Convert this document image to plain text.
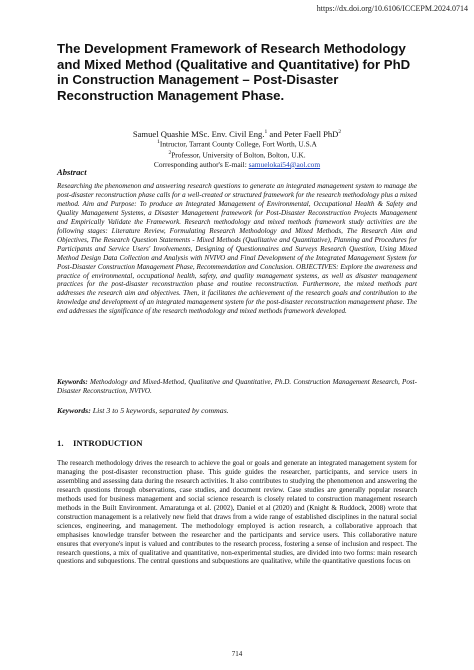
https://dx.doi.org/10.6106/ICCEPM.2024.0714
The Development Framework of Research Methodology and Mixed Method (Qualitative and Quantitative) for PhD in Construction Management – Post-Disaster Reconstruction Management Phase.
Samuel Quashie MSc. Env. Civil Eng.$^1$ and Peter Faell PhD$^2$
$^1$Intructor, Tarrant County College, Fort Worth, U.S.A
$^2$Professor, University of Bolton, Bolton, U.K.
Corresponding author's E-mail: samuelokai54@aol.com
Abstract

Researching the phenomenon and answering research questions to generate an integrated management system to manage the post-disaster reconstruction phase calls for a well-created or structured framework for the research methodology plus a mixed method. Aim and Purpose: To produce an Integrated Management of Environmental, Occupational Health & Safety and Quality Management Systems, a Disaster Management framework for Post-Disaster Reconstruction Projects Management and Empirically Validate the Framework. Research methodology and mixed methods framework study activities are the following stages: Literature Review, Formulating Research Methodology and Mixed Methods, The Research Aim and Objectives, The Research Question Statements - Mixed Methods (Qualitative and Quantitative), Planning and Procedures for Participants and Service Users' Involvements, Designing of Questionnaires and Surveys Research Question, Using Mixed Method Design Data Collection and Analysis with NVIVO and Final Development of the Integrated Management System for Post-Disaster Construction Management Phase, Recommendation and Conclusion. OBJECTIVES: Explore the awareness and practice of environmental, occupational health, safety, and quality management systems, as well as disaster management practices for the post-disaster reconstruction phase and routine reconstruction. Furthermore, the mixed methods part addresses the research aim and objectives. Then, it facilitates the achievement of the research goals and contribution to the knowledge and development of an integrated management system for the post-disaster reconstruction management phase. The end addresses the significance of the research methodology and mixed methods framework developed.

Keywords: Methodology and Mixed-Method, Qualitative and Quantitative, Ph.D. Construction Management Research, Post-Disaster Reconstruction, NVIVO.

Keywords: List 3 to 5 keywords, separated by commas.

1. INTRODUCTION

The research methodology drives the research to achieve the goal or goals and generate an integrated management system for managing the post-disaster reconstruction phase. This guide guides the researcher, participants, and service users in assembling and assessing data during the research activities. It also contributes to studying the phenomenon and answering the research questions through observations, case studies, and document review. Case studies are generally popular research methods used for business management and social science research is closely related to construction management research methods in the Built Environment. Amaratunga et al. (2002), Daniel et al (2020) and (Knight & Ruddock, 2008) wrote that construction management is a relatively new field that draws from a wide range of established disciplines in the natural social sciences, engineering, and management. The methodology employed is action research, a collaborative approach that emphasises knowledge transfer between the researcher and the participants and service users. This collaborative nature ensures that everyone's input is valued and contributes to the research process, fostering a sense of inclusion and respect. The research questions, a mix of qualitative and quantitative, non-experimental studies, are divided into two forms: main research questions and subquestions. The central questions and subquestions are qualitative, while the quantitative questions focus on

714
